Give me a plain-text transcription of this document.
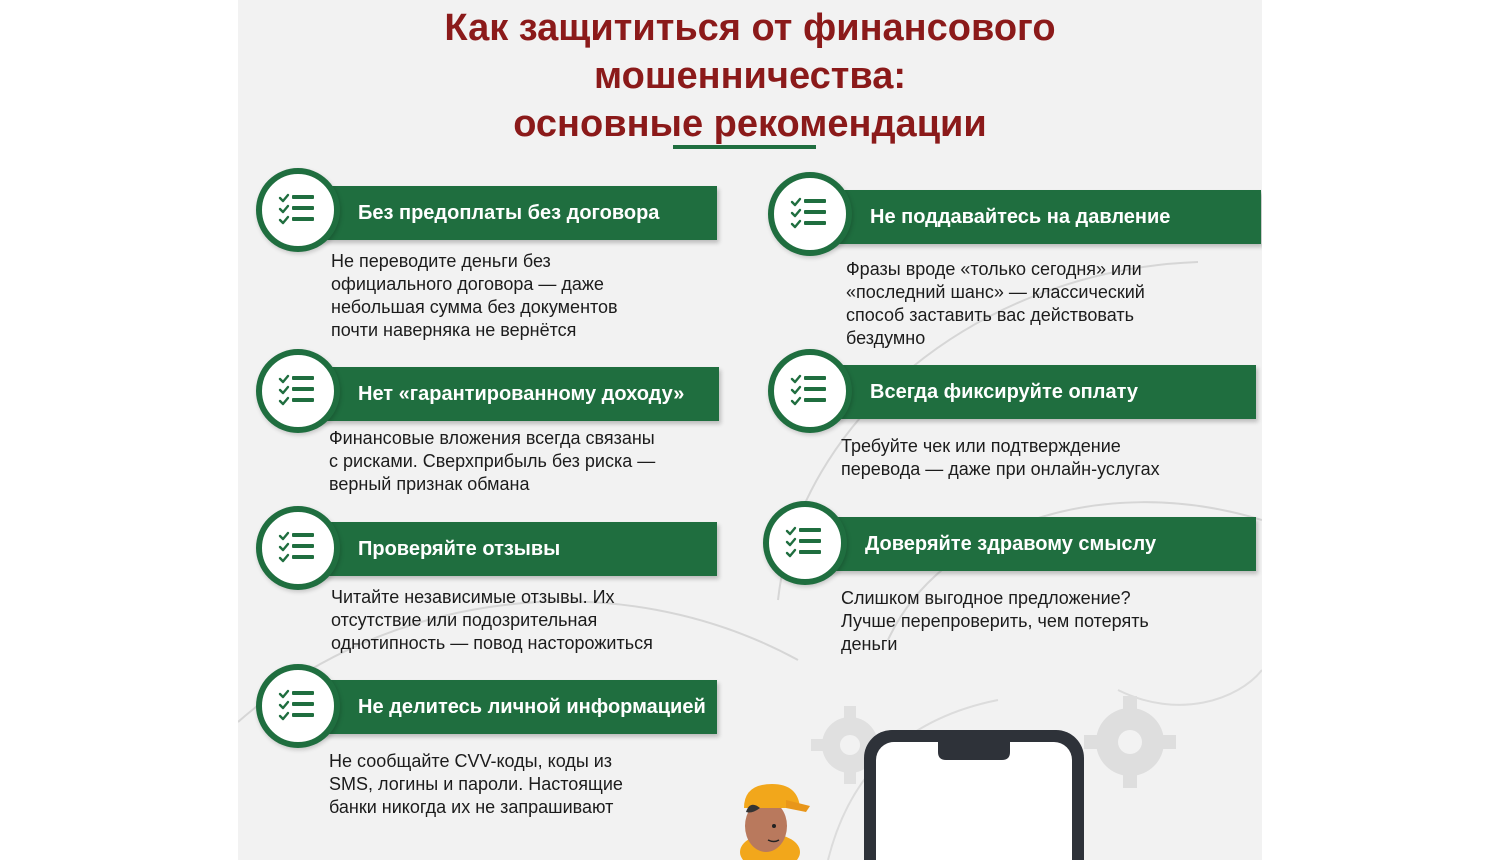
Как защититься от финансового
мошенничества:
основные рекомендации
Без предоплаты без договора
Не переводите деньги без
официального договора — даже
небольшая сумма без документов
почти наверняка не вернётся
Нет «гарантированному доходу»
Финансовые вложения всегда связаны
с рисками. Сверхприбыль без риска —
верный признак обмана
Проверяйте отзывы
Читайте независимые отзывы. Их
отсутствие или подозрительная
однотипность — повод насторожиться
Не делитесь личной информацией
Не сообщайте CVV-коды, коды из
SMS, логины и пароли. Настоящие
банки никогда их не запрашивают
Не поддавайтесь на давление
Фразы вроде «только сегодня» или
«последний шанс» — классический
способ заставить вас действовать
бездумно
Всегда фиксируйте оплату
Требуйте чек или подтверждение
перевода — даже при онлайн-услугах
Доверяйте здравому смыслу
Слишком выгодное предложение?
Лучше перепроверить, чем потерять
деньги
